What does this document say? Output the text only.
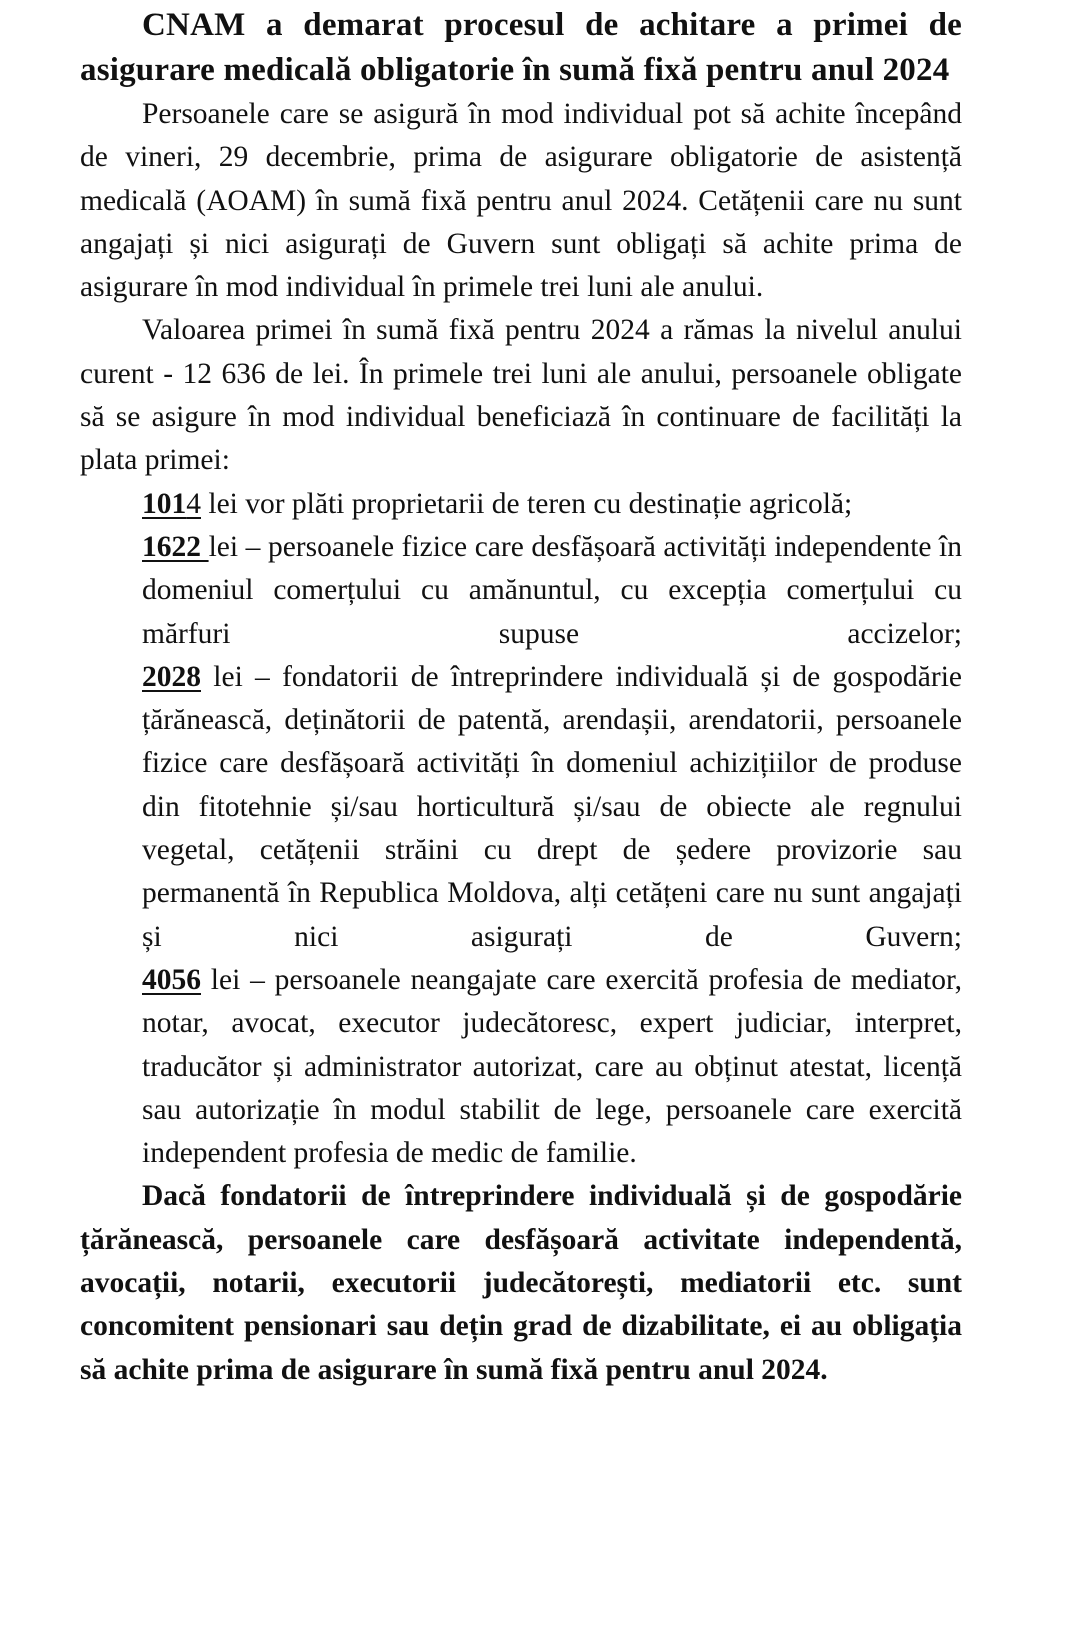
CNAM a demarat procesul de achitare a primei de asigurare medicală obligatorie în sumă fixă pentru anul 2024

Persoanele care se asigură în mod individual pot să achite începând de vineri, 29 decembrie, prima de asigurare obligatorie de asistență medicală (AOAM) în sumă fixă pentru anul 2024. Cetățenii care nu sunt angajați și nici asigurați de Guvern sunt obligați să achite prima de asigurare în mod individual în primele trei luni ale anului.

Valoarea primei în sumă fixă pentru 2024 a rămas la nivelul anului curent - 12 636 de lei. În primele trei luni ale anului, persoanele obligate să se asigure în mod individual beneficiază în continuare de facilități la plata primei:

1014 lei vor plăti proprietarii de teren cu destinație agricolă;

1622 lei – persoanele fizice care desfășoară activități independente în domeniul comerțului cu amănuntul, cu excepția comerțului cu mărfuri supuse accizelor;

2028 lei – fondatorii de întreprindere individuală și de gospodărie țărănească, deținătorii de patentă, arendașii, arendatorii, persoanele fizice care desfășoară activități în domeniul achizițiilor de produse din fitotehnie și/sau horticultură și/sau de obiecte ale regnului vegetal, cetățenii străini cu drept de ședere provizorie sau permanentă în Republica Moldova, alți cetățeni care nu sunt angajați și nici asigurați de Guvern;

4056 lei – persoanele neangajate care exercită profesia de mediator, notar, avocat, executor judecătoresc, expert judiciar, interpret, traducător și administrator autorizat, care au obținut atestat, licență sau autorizație în modul stabilit de lege, persoanele care exercită independent profesia de medic de familie.

Dacă fondatorii de întreprindere individuală și de gospodărie țărănească, persoanele care desfășoară activitate independentă, avocații, notarii, executorii judecătorești, mediatorii etc. sunt concomitent pensionari sau dețin grad de dizabilitate, ei au obligația să achite prima de asigurare în sumă fixă pentru anul 2024.
